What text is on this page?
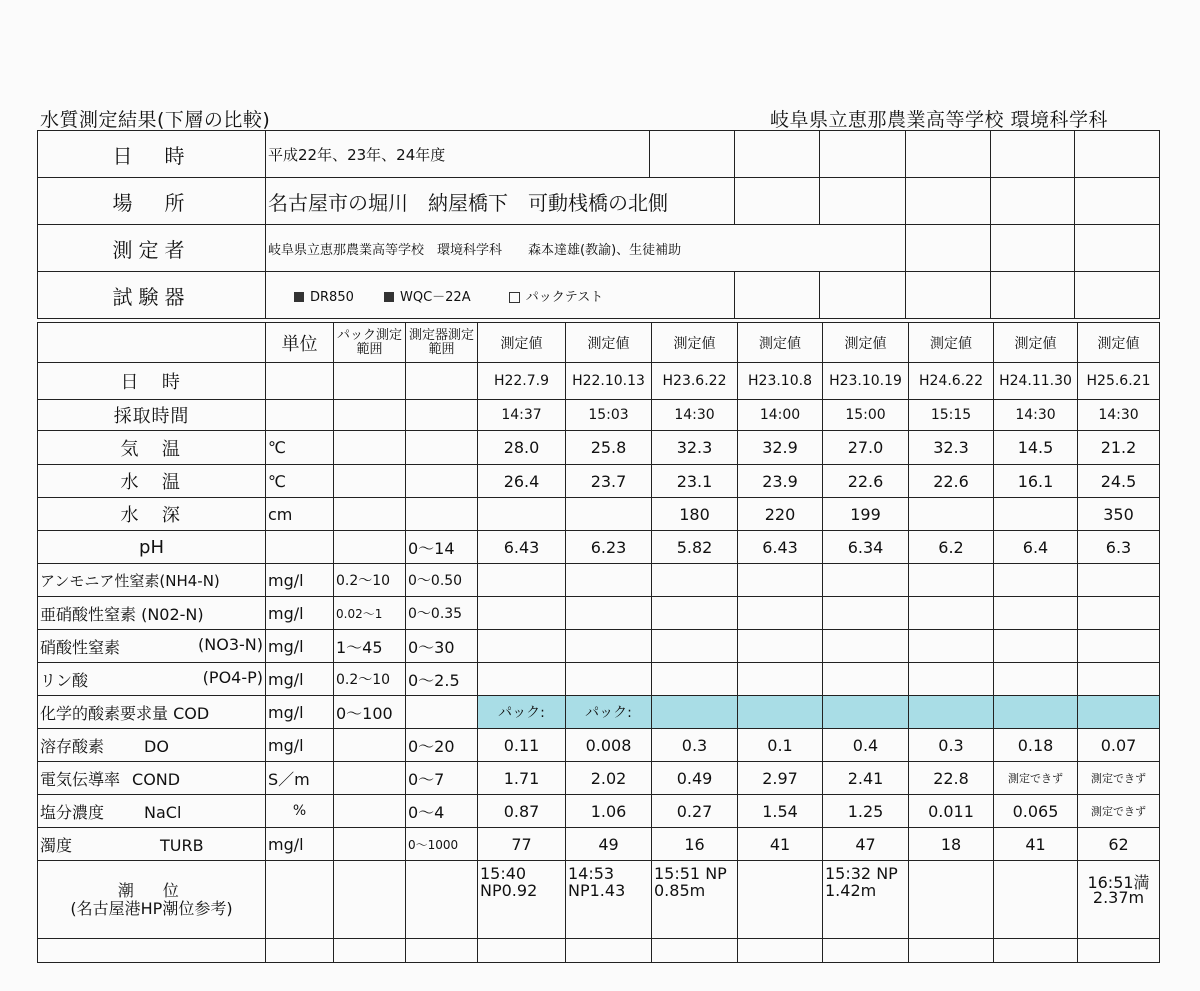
水質測定結果(下層の比較)	岐阜県立恵那農業高等学校 環境科学科
日　時	平成22年、23年、24年度						
場　所	名古屋市の堀川　納屋橋下　可動桟橋の北側						
測定者	岐阜県立恵那農業高等学校　環境科学科　　森本達雄(教諭)、生徒補助						
試験器	DR850 WQC－22A パックテスト						
	単位	パック測定範囲	測定器測定範囲	測定値	測定値	測定値	測定値	測定値	測定値	測定値	測定値
日　時				H22.7.9	H22.10.13	H23.6.22	H23.10.8	H23.10.19	H24.6.22	H24.11.30	H25.6.21
採取時間				14:37	15:03	14:30	14:00	15:00	15:15	14:30	14:30
気　温	℃			28.0	25.8	32.3	32.9	27.0	32.3	14.5	21.2
水　温	℃			26.4	23.7	23.1	23.9	22.6	22.6	16.1	24.5
水　深	cm					180	220	199			350
pH			0～14	6.43	6.23	5.82	6.43	6.34	6.2	6.4	6.3
アンモニア性窒素(NH4-N)	mg/l	0.2～10	0～0.50								
亜硝酸性窒素 (N02-N)	mg/l	0.02～1	0～0.35								

硝酸性窒素 (NO3-N)	mg/l	1～45	0～30								

リン酸 (PO4-P)	mg/l	0.2～10	0～2.5								
化学的酸素要求量 COD	mg/l	0～100		パック:	パック:						
溶存酸素 DO	mg/l		0～20	0.11	0.008	0.3	0.1	0.4	0.3	0.18	0.07
電気伝導率 COND	S／m		0～7	1.71	2.02	0.49	2.97	2.41	22.8	測定できず	測定できず
塩分濃度 NaCl	%		0～4	0.87	1.06	0.27	1.54	1.25	0.011	0.065	測定できず
濁度 TURB	mg/l		0～1000	77	49	16	41	47	18	41	62

潮　位
(名古屋港HP潮位参考)				15:40 NP0.92	14:53 NP1.43	15:51 NP 0.85m		15:32 NP 1.42m			16:51満 2.37m
